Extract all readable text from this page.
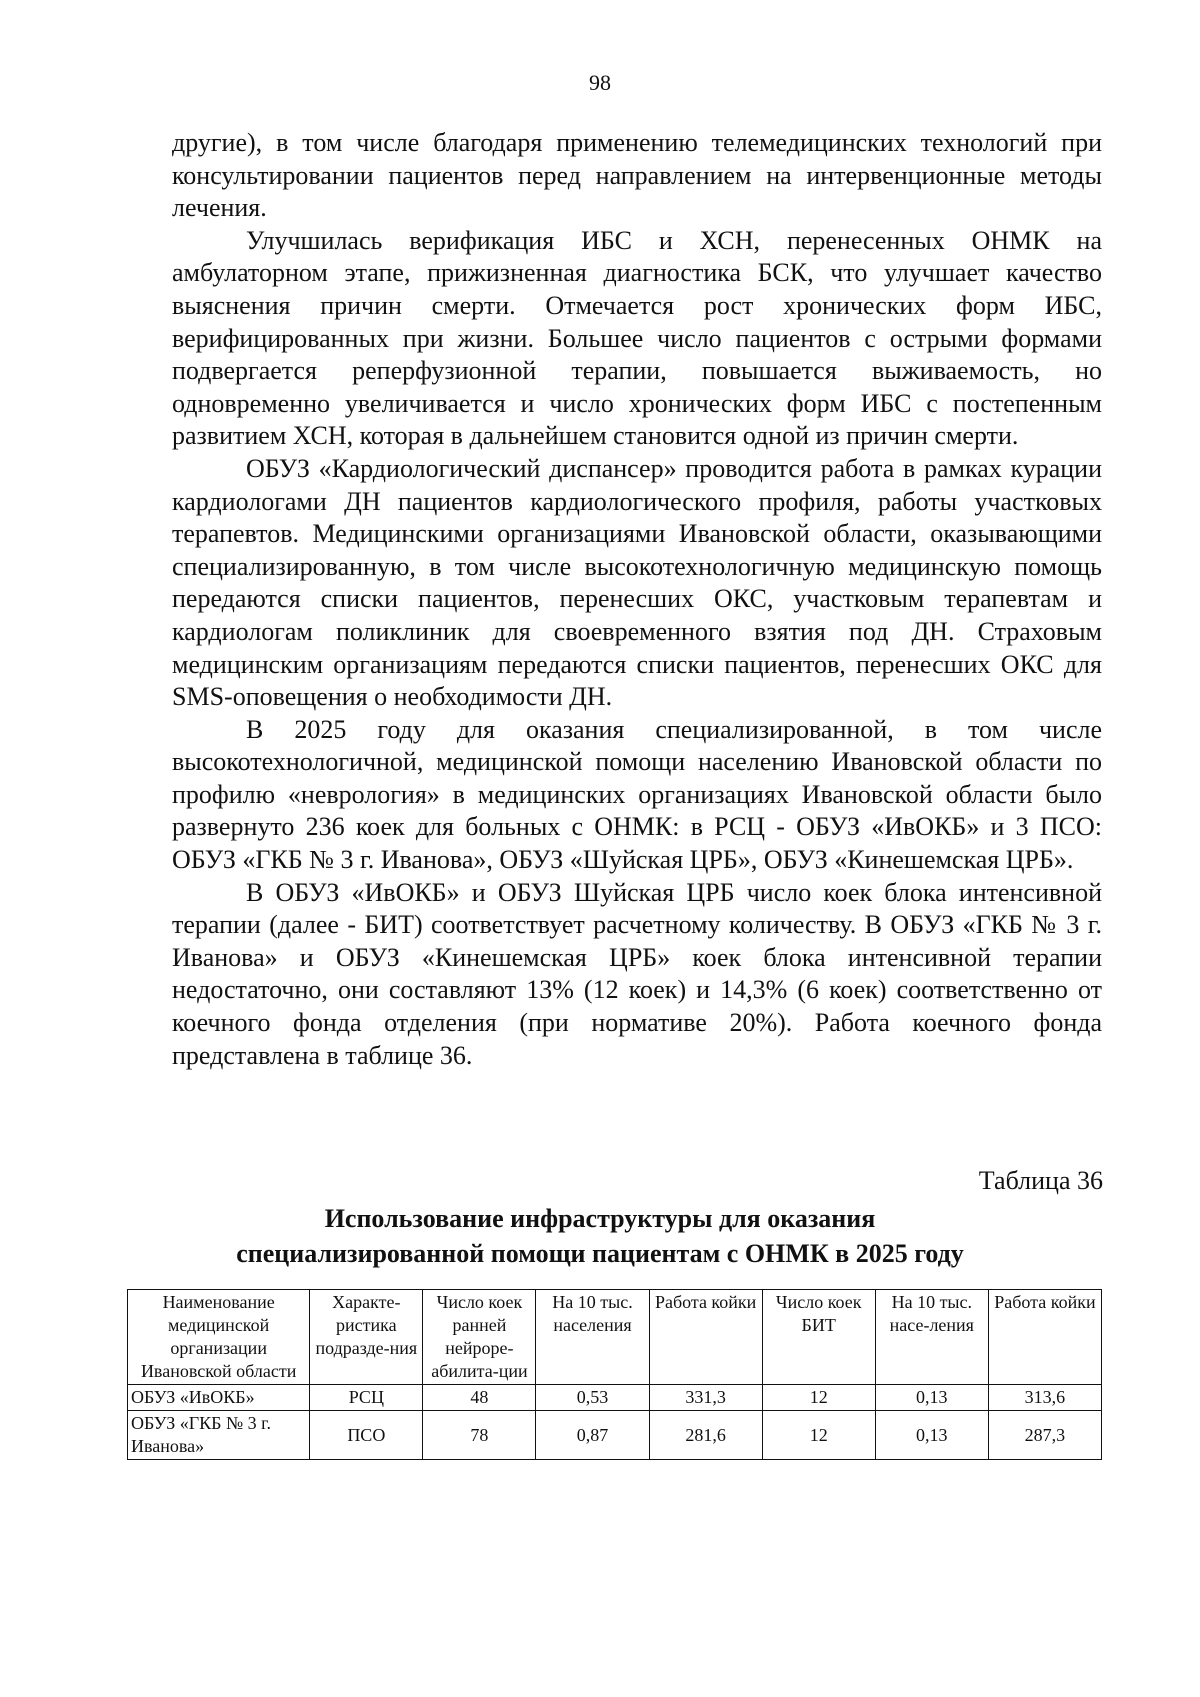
98

другие), в том числе благодаря применению телемедицинских технологий при консультировании пациентов перед направлением на интервенционные методы лечения.

Улучшилась верификация ИБС и ХСН, перенесенных ОНМК на амбулаторном этапе, прижизненная диагностика БСК, что улучшает качество выяснения причин смерти. Отмечается рост хронических форм ИБС, верифицированных при жизни. Большее число пациентов с острыми формами подвергается реперфузионной терапии, повышается выживаемость, но одновременно увеличивается и число хронических форм ИБС с постепенным развитием ХСН, которая в дальнейшем становится одной из причин смерти.

ОБУЗ «Кардиологический диспансер» проводится работа в рамках курации кардиологами ДН пациентов кардиологического профиля, работы участковых терапевтов. Медицинскими организациями Ивановской области, оказывающими специализированную, в том числе высокотехнологичную медицинскую помощь передаются списки пациентов, перенесших ОКС, участковым терапевтам и кардиологам поликлиник для своевременного взятия под ДН. Страховым медицинским организациям передаются списки пациентов, перенесших ОКС для SMS-оповещения о необходимости ДН.

В 2025 году для оказания специализированной, в том числе высокотехнологичной, медицинской помощи населению Ивановской области по профилю «неврология» в медицинских организациях Ивановской области было развернуто 236 коек для больных с ОНМК: в РСЦ - ОБУЗ «ИвОКБ» и 3 ПСО: ОБУЗ «ГКБ № 3 г. Иванова», ОБУЗ «Шуйская ЦРБ», ОБУЗ «Кинешемская ЦРБ».

В ОБУЗ «ИвОКБ» и ОБУЗ Шуйская ЦРБ число коек блока интенсивной терапии (далее - БИТ) соответствует расчетному количеству. В ОБУЗ «ГКБ № 3 г. Иванова» и ОБУЗ «Кинешемская ЦРБ» коек блока интенсивной терапии недостаточно, они составляют 13% (12 коек) и 14,3% (6 коек) соответственно от коечного фонда отделения (при нормативе 20%). Работа коечного фонда представлена в таблице 36.

Таблица 36
Использование инфраструктуры для оказания
специализированной помощи пациентам с ОНМК в 2025 году
Наименование медицинской организации Ивановской области	Характе-ристика подразде-ния	Число коек ранней нейроре-абилита-ции	На 10 тыс. населения	Работа койки	Число коек БИТ	На 10 тыс. насе-ления	Работа койки
ОБУЗ «ИвОКБ»	РСЦ	48	0,53	331,3	12	0,13	313,6
ОБУЗ «ГКБ № 3 г. Иванова»	ПСО	78	0,87	281,6	12	0,13	287,3
